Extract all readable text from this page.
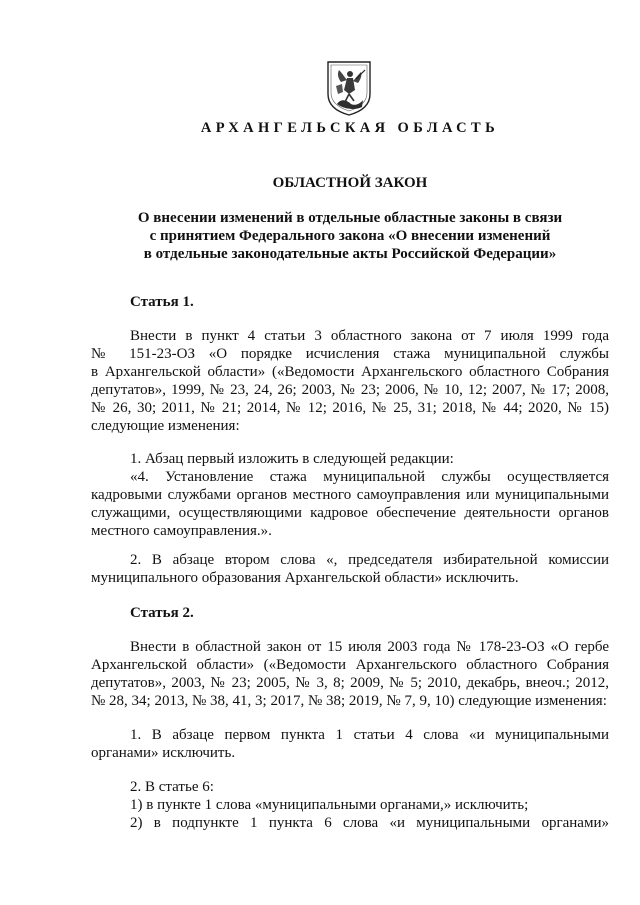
АРХАНГЕЛЬСКАЯ ОБЛАСТЬ
ОБЛАСТНОЙ ЗАКОН
О внесении изменений в отдельные областные законы в связи
с принятием Федерального закона «О внесении изменений
в отдельные законодательные акты Российской Федерации»
Статья 1.
Внести в пункт 4 статьи 3 областного закона от 7 июля 1999 года
№ 151-23-ОЗ «О порядке исчисления стажа муниципальной службы
в Архангельской области» («Ведомости Архангельского областного Собрания
депутатов», 1999, № 23, 24, 26; 2003, № 23; 2006, № 10, 12; 2007, № 17; 2008,
№ 26, 30; 2011, № 21; 2014, № 12; 2016, № 25, 31; 2018, № 44; 2020, № 15)
следующие изменения:
1. Абзац первый изложить в следующей редакции:
«4. Установление стажа муниципальной службы осуществляется
кадровыми службами органов местного самоуправления или муниципальными
служащими, осуществляющими кадровое обеспечение деятельности органов
местного самоуправления.».
2. В абзаце втором слова «, председателя избирательной комиссии
муниципального образования Архангельской области» исключить.
Статья 2.
Внести в областной закон от 15 июля 2003 года № 178-23-ОЗ «О гербе
Архангельской области» («Ведомости Архангельского областного Собрания
депутатов», 2003, № 23; 2005, № 3, 8; 2009, № 5; 2010, декабрь, внеоч.; 2012,
№ 28, 34; 2013, № 38, 41, 3; 2017, № 38; 2019, № 7, 9, 10) следующие изменения:
1. В абзаце первом пункта 1 статьи 4 слова «и муниципальными
органами» исключить.
2. В статье 6:
1) в пункте 1 слова «муниципальными органами,» исключить;
2) в подпункте 1 пункта 6 слова «и муниципальными органами»
